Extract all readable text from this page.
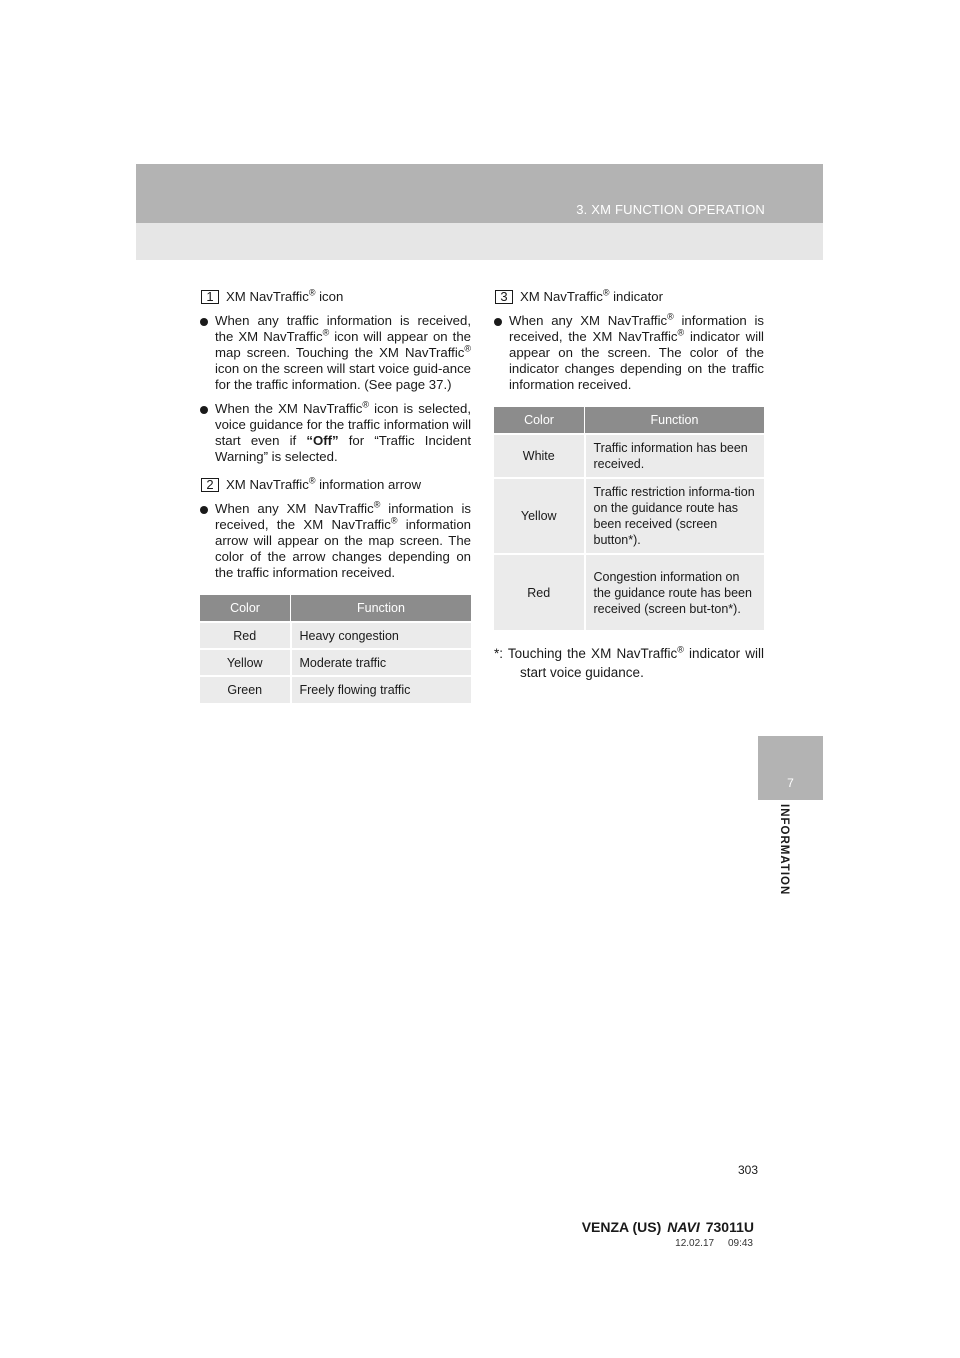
3. XM FUNCTION OPERATION
7
INFORMATION
1 XM NavTraffic® icon
When any traffic information is received, the XM NavTraffic® icon will appear on the map screen. Touching the XM NavTraffic® icon on the screen will start voice guid-ance for the traffic information. (See page 37.)
When the XM NavTraffic® icon is selected, voice guidance for the traffic information will start even if “Off” for “Traffic Incident Warning” is selected.
2 XM NavTraffic® information arrow
When any XM NavTraffic® information is received, the XM NavTraffic® information arrow will appear on the map screen. The color of the arrow changes depending on the traffic information received.
Color	Function
Red	Heavy congestion
Yellow	Moderate traffic
Green	Freely flowing traffic
3 XM NavTraffic® indicator
When any XM NavTraffic® information is received, the XM NavTraffic® indicator will appear on the screen. The color of the indicator changes depending on the traffic information received.
Color	Function
White	Traffic information has been received.
Yellow	Traffic restriction informa-tion on the guidance route has been received (screen button*).
Red	Congestion information on the guidance route has been received (screen but-ton*).
*: Touching the XM NavTraffic® indicator will start voice guidance.
303
VENZA (US) NAVI 73011U
12.02.17     09:43
